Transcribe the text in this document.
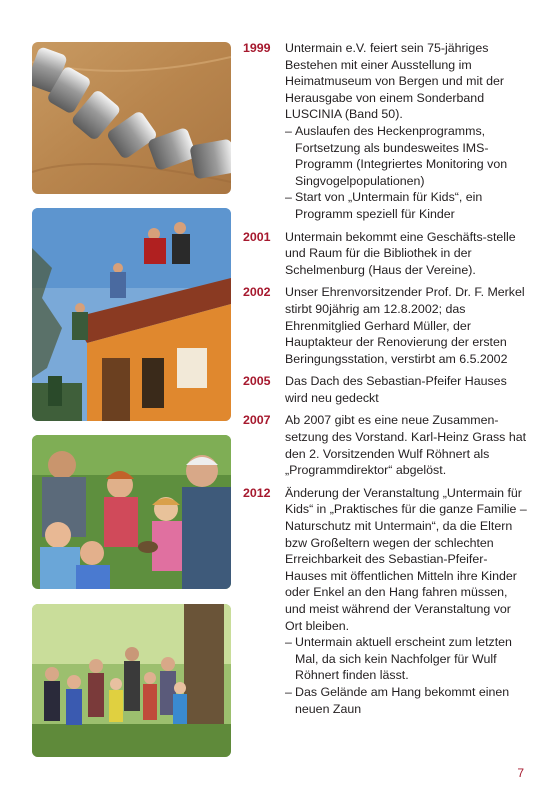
1999	Untermain e.V. feiert sein 75-jähriges Bestehen mit einer Ausstellung im Heimatmuseum von Bergen und mit der Herausgabe von einem Sonderband LUSCINIA (Band 50).

– Auslaufen des Heckenprogramms, Fortsetzung als bundesweites IMS-Programm (Integriertes Monitoring von Singvogelpopulationen)
– Start von „Untermain für Kids“, ein Programm speziell für Kinder
2001	Untermain bekommt eine Geschäfts-stelle und Raum für die Bibliothek in der Schelmenburg (Haus der Vereine).

2002	Unser Ehrenvorsitzender Prof. Dr. F. Merkel stirbt 90jährig am 12.8.2002; das Ehrenmitglied Gerhard Müller, der Hauptakteur der Renovierung der ersten Beringungsstation, verstirbt am 6.5.2002

2005	Das Dach des Sebastian-Pfeifer Hauses wird neu gedeckt

2007	Ab 2007 gibt es eine neue Zusammen-setzung des Vorstand. Karl-Heinz Grass hat den 2. Vorsitzenden Wulf Röhnert als „Programmdirektor“ abgelöst.

2012	Änderung der Veranstaltung „Untermain für Kids“ in „Praktisches für die ganze Familie – Naturschutz mit Untermain“, da die Eltern bzw Großeltern wegen der schlechten Erreichbarkeit des Sebastian-Pfeifer-Hauses mit öffentlichen Mitteln ihre Kinder oder Enkel an den Hang fahren müssen, und meist während der Veranstaltung vor Ort bleiben.

– Untermain aktuell erscheint zum letzten Mal, da sich kein Nachfolger für Wulf Röhnert finden lässt.
– Das Gelände am Hang bekommt einen neuen Zaun
7
